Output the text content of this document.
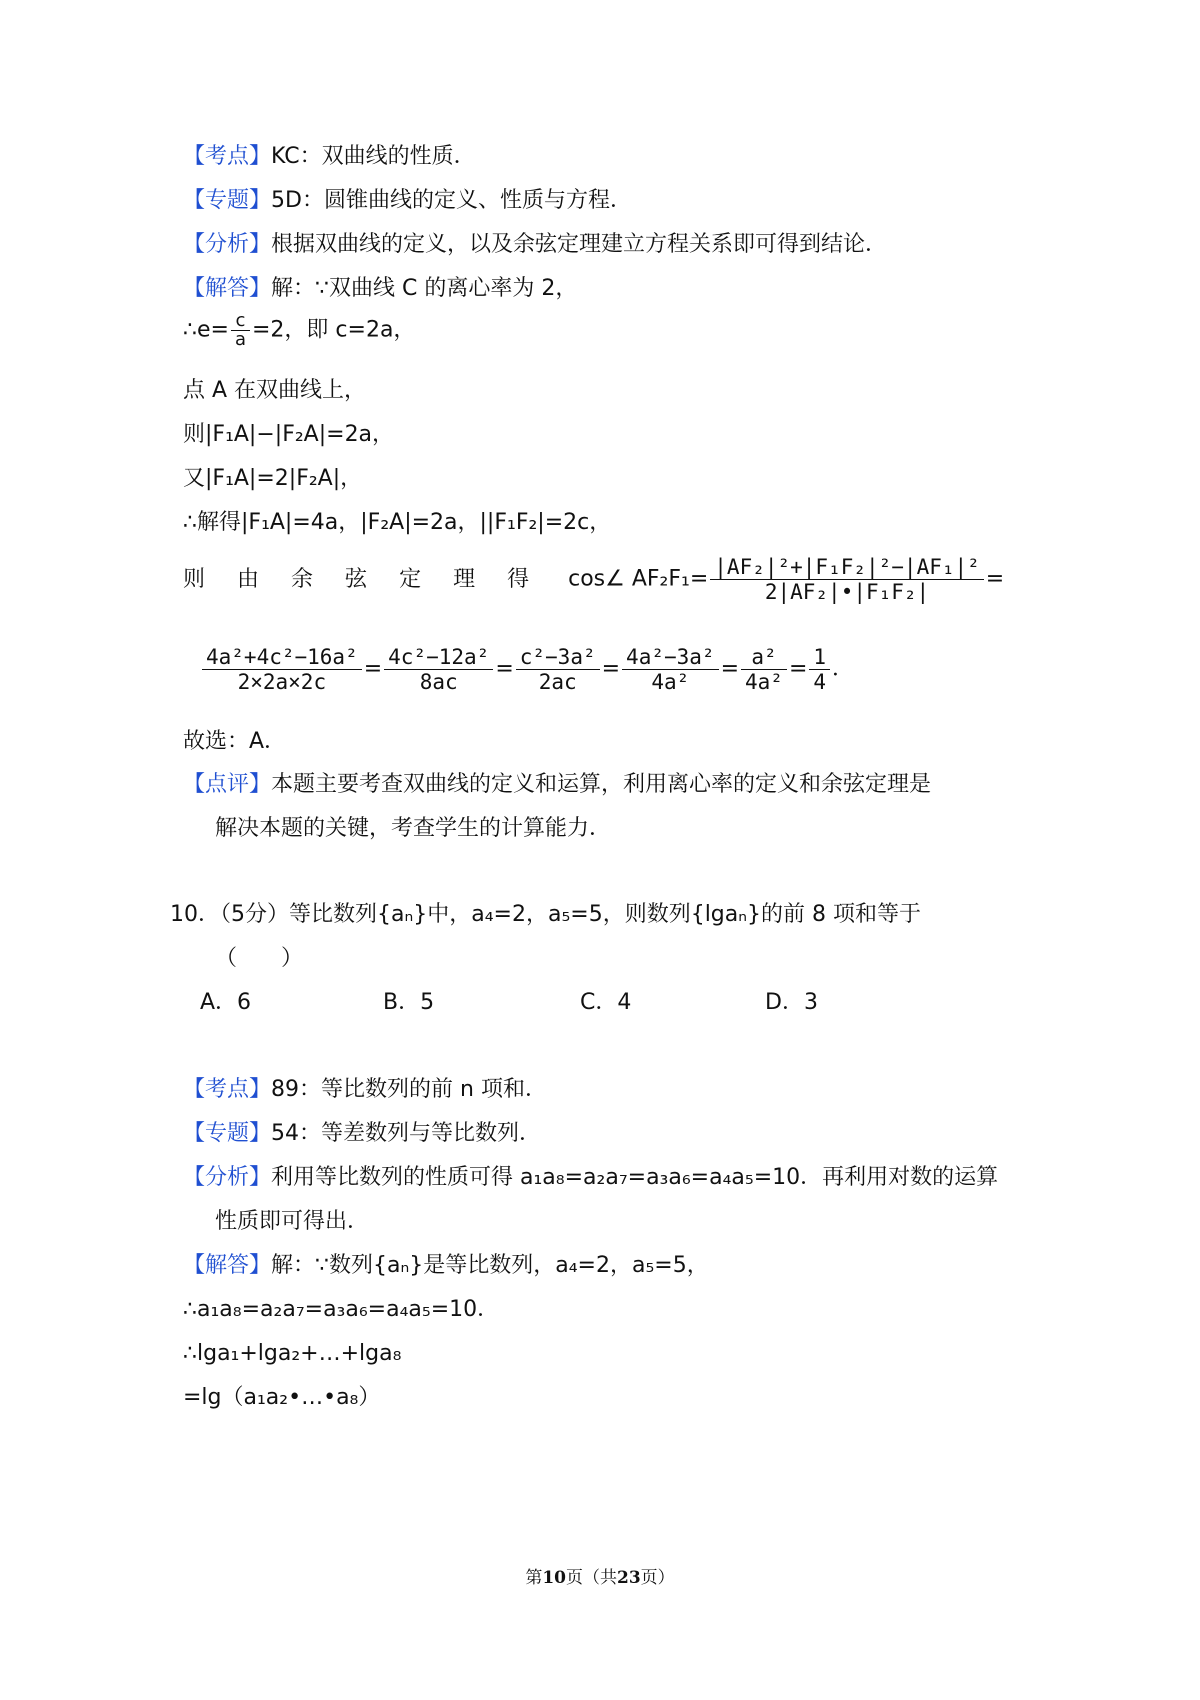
【考点】KC：双曲线的性质．
【专题】5D：圆锥曲线的定义、性质与方程．
【分析】根据双曲线的定义，以及余弦定理建立方程关系即可得到结论．
【解答】解：∵双曲线 C 的离心率为 2，
∴e= $\frac{c}{a} =2$，即 c=2a，
点 A 在双曲线上，
则|F₁A|−|F₂A|=2a，
又|F₁A|=2|F₂A|，
∴解得|F₁A|=4a，|F₂A|=2a，||F₁F₂|=2c，
则 由 余 弦 定 理 得 cos∠ $AF_2F_1= \frac{\text{|AF₂|²+|F₁F₂|²−|AF₁|²}}{\text{2|AF₂|•|F₁F₂|}}$ =
$\frac{\text{4a²+4c²−16a²}}{2\times 2a\times 2c} = \frac{\text{4c²−12a²}}{8ac} = \frac{\text{c²−3a²}}{2ac} = \frac{\text{4a²−3a²}}{\text{4a²}} = \frac{\text{a²}}{\text{4a²}} = \frac{1}{4}$ ．
故选：A．
【点评】本题主要考查双曲线的定义和运算，利用离心率的定义和余弦定理是
解决本题的关键，考查学生的计算能力．
10．（5分）等比数列{aₙ}中，a₄=2，a₅=5，则数列{lgaₙ}的前 8 项和等于
（　　）
A．6	B．5	C．4	D．3
【考点】89：等比数列的前 n 项和．
【专题】54：等差数列与等比数列．
【分析】利用等比数列的性质可得 a₁a₈=a₂a₇=a₃a₆=a₄a₅=10．再利用对数的运算
性质即可得出．
【解答】解：∵数列{aₙ}是等比数列，a₄=2，a₅=5，
∴a₁a₈=a₂a₇=a₃a₆=a₄a₅=10．
∴lga₁+lga₂+…+lga₈
=lg（a₁a₂•…•a₈）
第10页（共23页）
